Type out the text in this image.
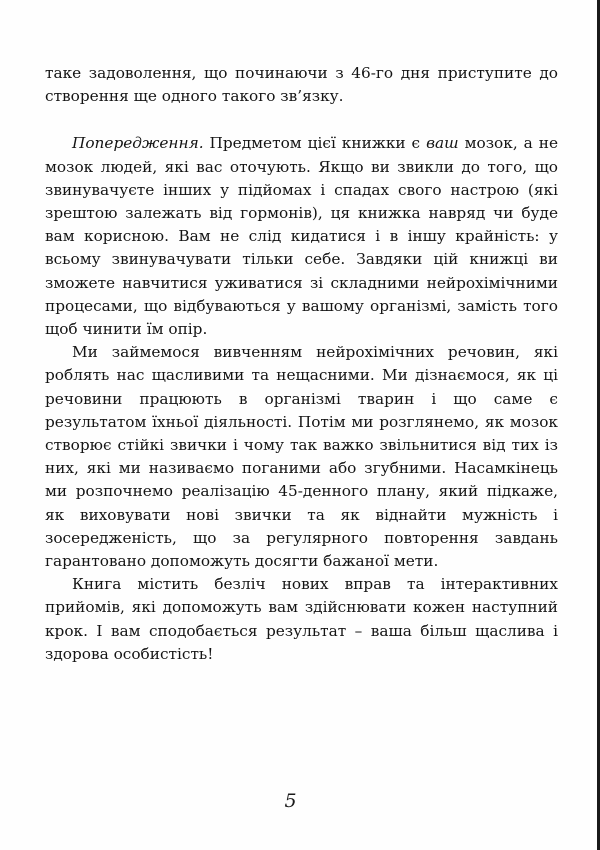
таке задоволення, що починаючи з 46-го дня приступите до створення ще одного такого зв’язку.

Попередження. Предметом цієї книжки є ваш мозок, а не мозок людей, які вас оточують. Якщо ви звикли до того, що звинувачуєте інших у підйомах і спадах свого настрою (які зрештою залежать від гормонів), ця книжка навряд чи буде вам корисною. Вам не слід кидатися і в іншу крайність: у всьому звинувачувати тільки себе. Завдяки цій книжці ви зможете навчитися уживатися зі складними нейрохімічними процесами, що відбуваються у вашому організмі, замість того щоб чинити їм опір.

Ми займемося вивченням нейрохімічних речовин, які роблять нас щасливими та нещасними. Ми дізнаємося, як ці речовини працюють в організмі тварин і що саме є результатом їхньої діяльності. Потім ми розглянемо, як мозок створює стійкі звички і чому так важко звільнитися від тих із них, які ми називаємо поганими або згубними. Насамкінець ми розпочнемо реалізацію 45-денного плану, який підкаже, як виховувати нові звички та як віднайти мужність і зосередженість, що за регулярного повторення завдань гарантовано допоможуть досягти бажаної мети.

Книга містить безліч нових вправ та інтерактивних прийомів, які допоможуть вам здійснювати кожен наступний крок. І вам сподобається результат – ваша більш щаслива і здорова особистість!

5
